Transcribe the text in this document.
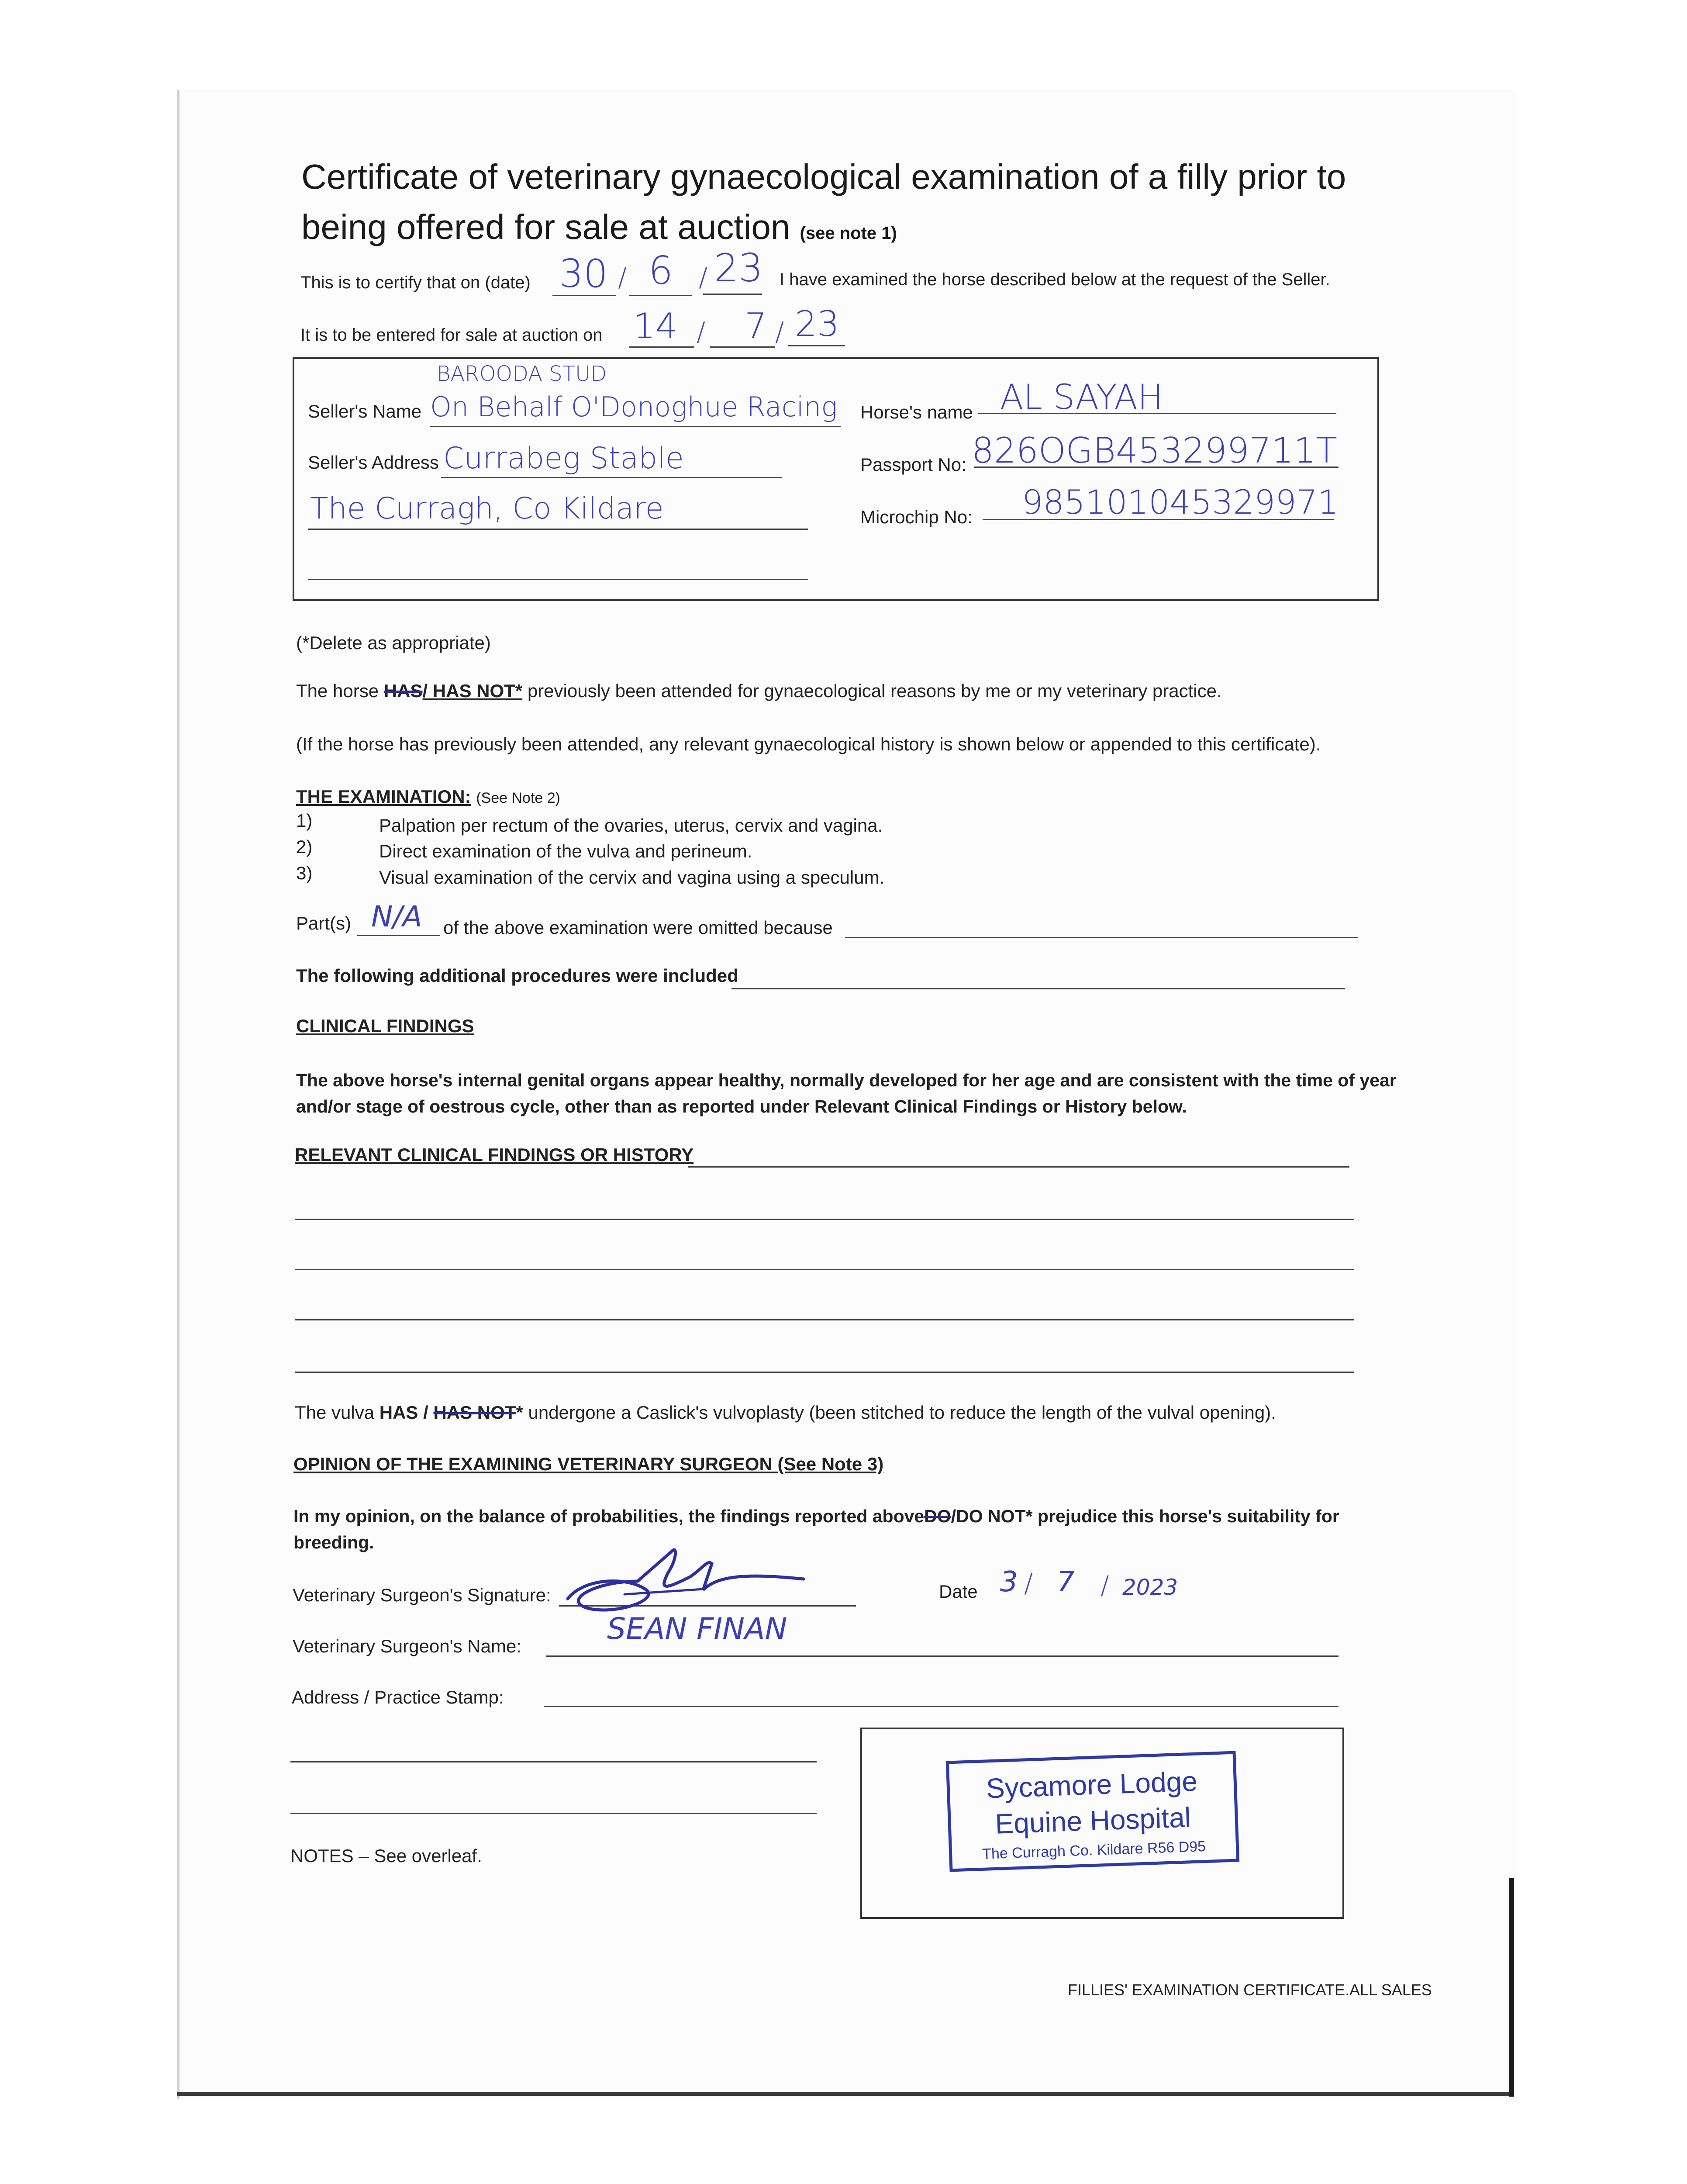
Certificate of veterinary gynaecological examination of a filly prior to
being offered for sale at auction (see note 1)
This is to certify that on (date) 30 / 6 / 23 I have examined the horse described below at the request of the Seller.
It is to be entered for sale at auction on 14 / 7 / 23
BAROODA STUD
Seller's Name On Behalf O'Donoghue Racing
Seller's Address Currabeg Stable
The Curragh, Co Kildare
Horse's name AL SAYAH
Passport No: 826OGB453299711T
Microchip No: 985101045329971
(*Delete as appropriate)
The horse HAS/ HAS NOT* previously been attended for gynaecological reasons by me or my veterinary practice.
(If the horse has previously been attended, any relevant gynaecological history is shown below or appended to this certificate).
THE EXAMINATION: (See Note 2)
1)	Palpation per rectum of the ovaries, uterus, cervix and vagina.
2)	Direct examination of the vulva and perineum.
3)	Visual examination of the cervix and vagina using a speculum.
Part(s) N/A of the above examination were omitted because
The following additional procedures were included
CLINICAL FINDINGS
The above horse's internal genital organs appear healthy, normally developed for her age and are consistent with the time of year
and/or stage of oestrous cycle, other than as reported under Relevant Clinical Findings or History below.
RELEVANT CLINICAL FINDINGS OR HISTORY
The vulva HAS / HAS NOT* undergone a Caslick's vulvoplasty (been stitched to reduce the length of the vulval opening).
OPINION OF THE EXAMINING VETERINARY SURGEON (See Note 3)
In my opinion, on the balance of probabilities, the findings reported aboveDO/DO NOT* prejudice this horse's suitability for
breeding.
Veterinary Surgeon's Signature:	Date 3 / 7 / 2023
Veterinary Surgeon's Name:	SEAN FINAN
Address / Practice Stamp:
Sycamore Lodge
Equine Hospital
The Curragh Co. Kildare R56 D95
NOTES – See overleaf.
FILLIES' EXAMINATION CERTIFICATE.ALL SALES
